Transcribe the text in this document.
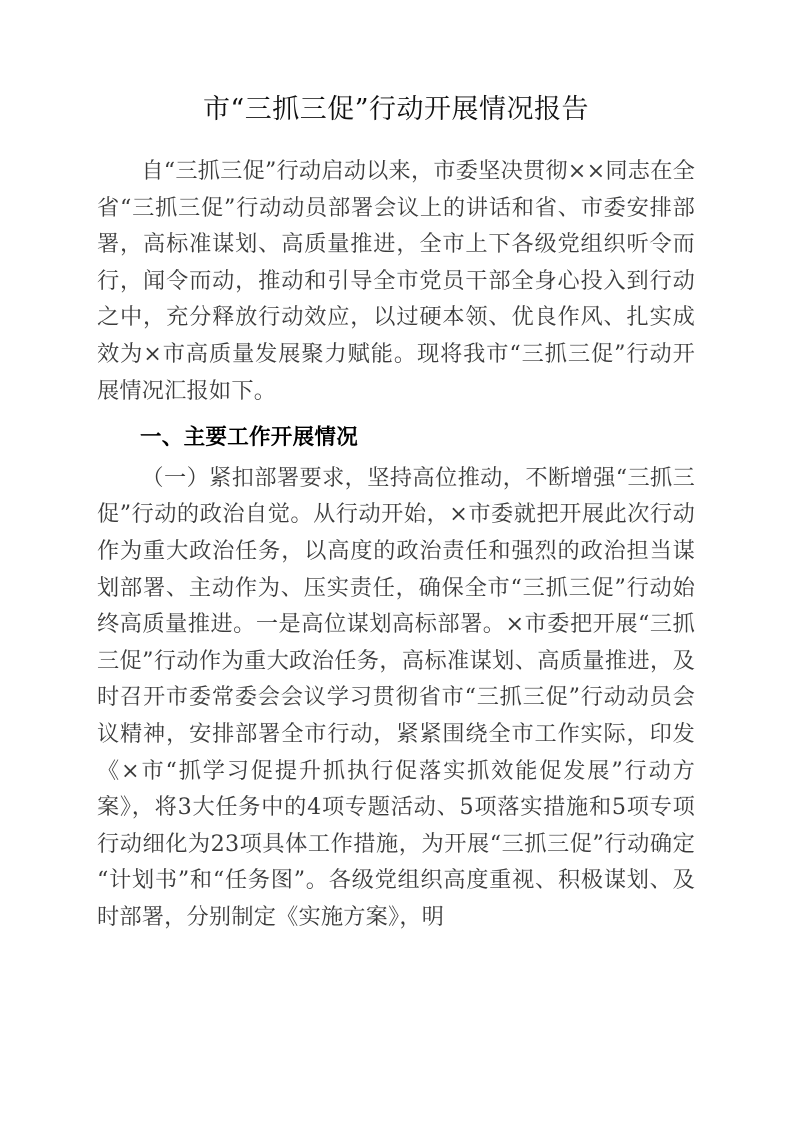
市“三抓三促”行动开展情况报告

自“三抓三促”行动启动以来，市委坚决贯彻××同志在全省“三抓三促”行动动员部署会议上的讲话和省、市委安排部署，高标准谋划、高质量推进，全市上下各级党组织听令而行，闻令而动，推动和引导全市党员干部全身心投入到行动之中，充分释放行动效应，以过硬本领、优良作风、扎实成效为×市高质量发展聚力赋能。现将我市“三抓三促”行动开展情况汇报如下。

一、主要工作开展情况

（一）紧扣部署要求，坚持高位推动，不断增强“三抓三促”行动的政治自觉。从行动开始，×市委就把开展此次行动作为重大政治任务，以高度的政治责任和强烈的政治担当谋划部署、主动作为、压实责任，确保全市“三抓三促”行动始终高质量推进。一是高位谋划高标部署。×市委把开展“三抓三促”行动作为重大政治任务，高标准谋划、高质量推进，及时召开市委常委会会议学习贯彻省市“三抓三促”行动动员会议精神，安排部署全市行动，紧紧围绕全市工作实际，印发《×市“抓学习促提升抓执行促落实抓效能促发展”行动方案》，将3大任务中的4项专题活动、5项落实措施和5项专项行动细化为23项具体工作措施，为开展“三抓三促”行动确定“计划书”和“任务图”。各级党组织高度重视、积极谋划、及时部署，分别制定《实施方案》，明
